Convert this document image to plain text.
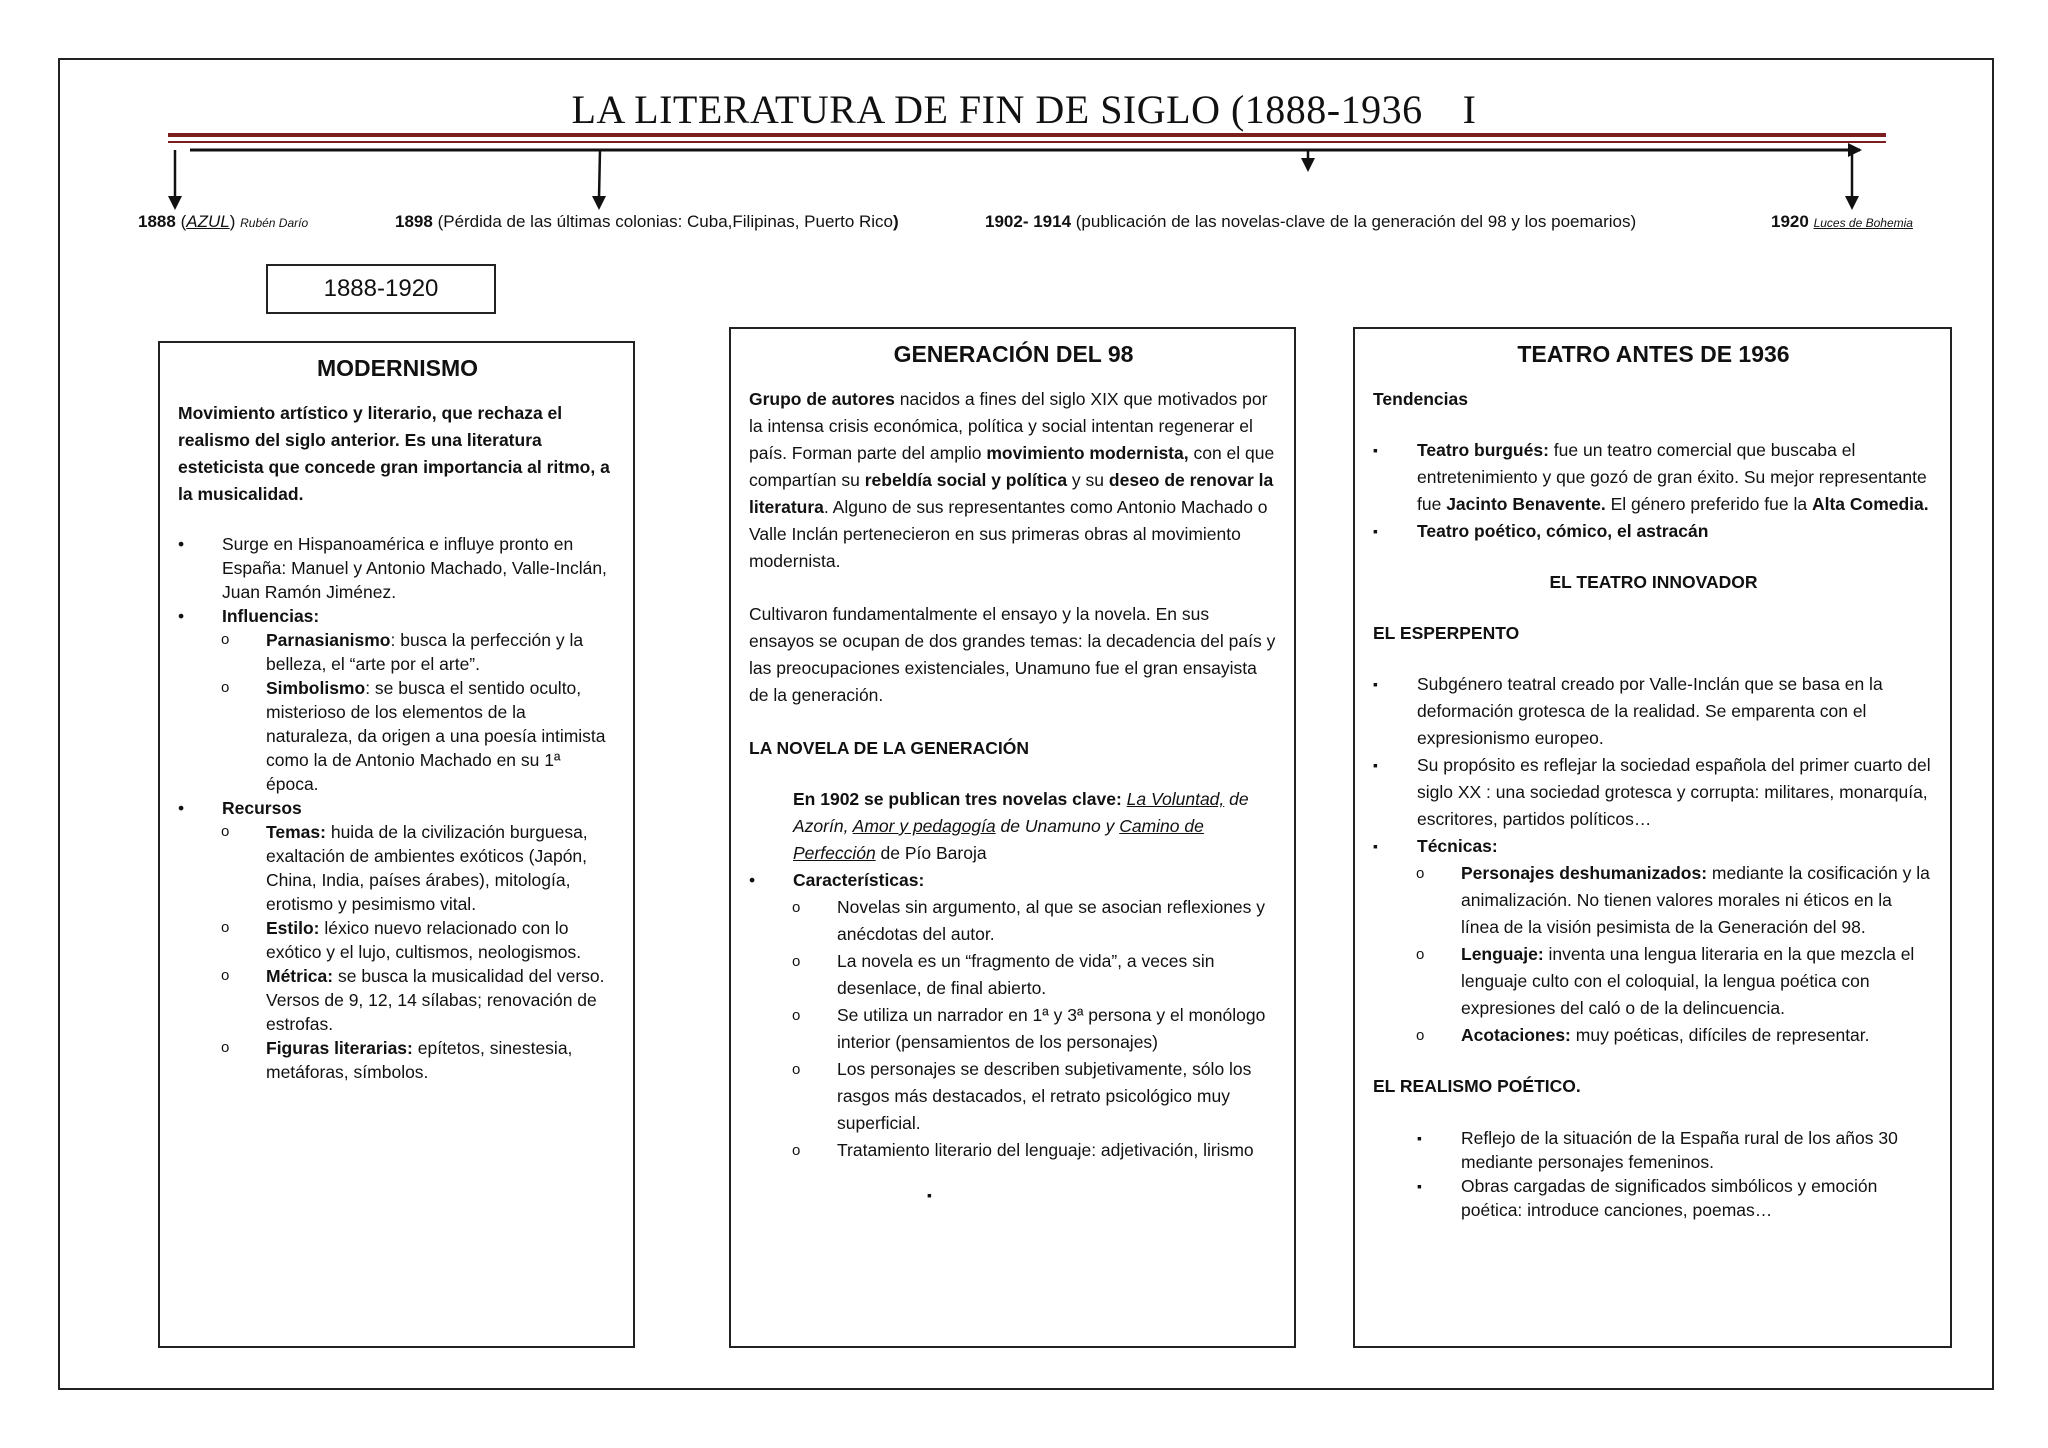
LA LITERATURA DE FIN DE SIGLO (1888-1936 I
1888 (AZUL) Rubén Darío	1898 (Pérdida de las últimas colonias: Cuba,Filipinas, Puerto Rico)	1902- 1914 (publicación de las novelas-clave de la generación del 98 y los poemarios)	1920 Luces de Bohemia
1888-1920
MODERNISMO

Movimiento artístico y literario, que rechaza el realismo del siglo anterior. Es una literatura esteticista que concede gran importancia al ritmo, a la musicalidad.

• Surge en Hispanoamérica e influye pronto en España: Manuel y Antonio Machado, Valle-Inclán, Juan Ramón Jiménez.
• Influencias:
o Parnasianismo: busca la perfección y la belleza, el “arte por el arte”.
o Simbolismo: se busca el sentido oculto, misterioso de los elementos de la naturaleza, da origen a una poesía intimista como la de Antonio Machado en su 1ª época.
• Recursos
o Temas: huida de la civilización burguesa, exaltación de ambientes exóticos (Japón, China, India, países árabes), mitología, erotismo y pesimismo vital.
o Estilo: léxico nuevo relacionado con lo exótico y el lujo, cultismos, neologismos.
o Métrica: se busca la musicalidad del verso. Versos de 9, 12, 14 sílabas; renovación de estrofas.
o Figuras literarias: epítetos, sinestesia, metáforas, símbolos.
GENERACIÓN DEL 98

Grupo de autores nacidos a fines del siglo XIX que motivados por la intensa crisis económica, política y social intentan regenerar el país. Forman parte del amplio movimiento modernista, con el que compartían su rebeldía social y política y su deseo de renovar la literatura. Alguno de sus representantes como Antonio Machado o Valle Inclán pertenecieron en sus primeras obras al movimiento modernista.

Cultivaron fundamentalmente el ensayo y la novela. En sus ensayos se ocupan de dos grandes temas: la decadencia del país y las preocupaciones existenciales, Unamuno fue el gran ensayista de la generación.

LA NOVELA DE LA GENERACIÓN

En 1902 se publican tres novelas clave: La Voluntad, de Azorín, Amor y pedagogía de Unamuno y Camino de Perfección de Pío Baroja

• Características:
o Novelas sin argumento, al que se asocian reflexiones y anécdotas del autor.
o La novela es un “fragmento de vida”, a veces sin desenlace, de final abierto.
o Se utiliza un narrador en 1ª y 3ª persona y el monólogo interior (pensamientos de los personajes)
o Los personajes se describen subjetivamente, sólo los rasgos más destacados, el retrato psicológico muy superficial.
o Tratamiento literario del lenguaje: adjetivación, lirismo
▪
TEATRO ANTES DE 1936

Tendencias

▪ Teatro burgués: fue un teatro comercial que buscaba el entretenimiento y que gozó de gran éxito. Su mejor representante fue Jacinto Benavente. El género preferido fue la Alta Comedia.
▪ Teatro poético, cómico, el astracán

EL TEATRO INNOVADOR

EL ESPERPENTO

▪ Subgénero teatral creado por Valle-Inclán que se basa en la deformación grotesca de la realidad. Se emparenta con el expresionismo europeo.
▪ Su propósito es reflejar la sociedad española del primer cuarto del siglo XX : una sociedad grotesca y corrupta: militares, monarquía, escritores, partidos políticos…
▪ Técnicas:
o Personajes deshumanizados: mediante la cosificación y la animalización. No tienen valores morales ni éticos en la línea de la visión pesimista de la Generación del 98.
o Lenguaje: inventa una lengua literaria en la que mezcla el lenguaje culto con el coloquial, la lengua poética con expresiones del caló o de la delincuencia.
o Acotaciones: muy poéticas, difíciles de representar.

EL REALISMO POÉTICO.

▪ Reflejo de la situación de la España rural de los años 30 mediante personajes femeninos.
▪ Obras cargadas de significados simbólicos y emoción poética: introduce canciones, poemas…
